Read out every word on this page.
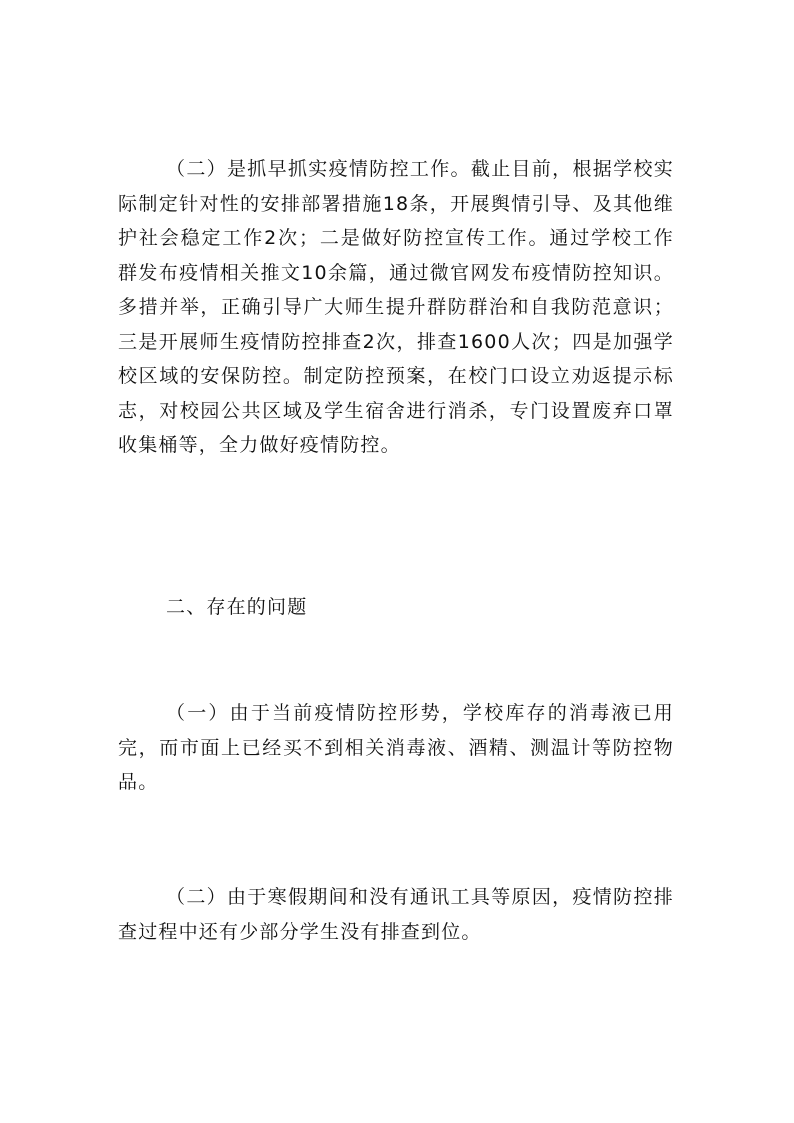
（二）是抓早抓实疫情防控工作。截止目前，根据学校实际制定针对性的安排部署措施18条，开展舆情引导、及其他维护社会稳定工作2次；二是做好防控宣传工作。通过学校工作群发布疫情相关推文10余篇，通过微官网发布疫情防控知识。多措并举，正确引导广大师生提升群防群治和自我防范意识；三是开展师生疫情防控排查2次，排查1600人次；四是加强学校区域的安保防控。制定防控预案，在校门口设立劝返提示标志，对校园公共区域及学生宿舍进行消杀，专门设置废弃口罩收集桶等，全力做好疫情防控。

二、存在的问题

（一）由于当前疫情防控形势，学校库存的消毒液已用完，而市面上已经买不到相关消毒液、酒精、测温计等防控物品。

（二）由于寒假期间和没有通讯工具等原因，疫情防控排查过程中还有少部分学生没有排查到位。
